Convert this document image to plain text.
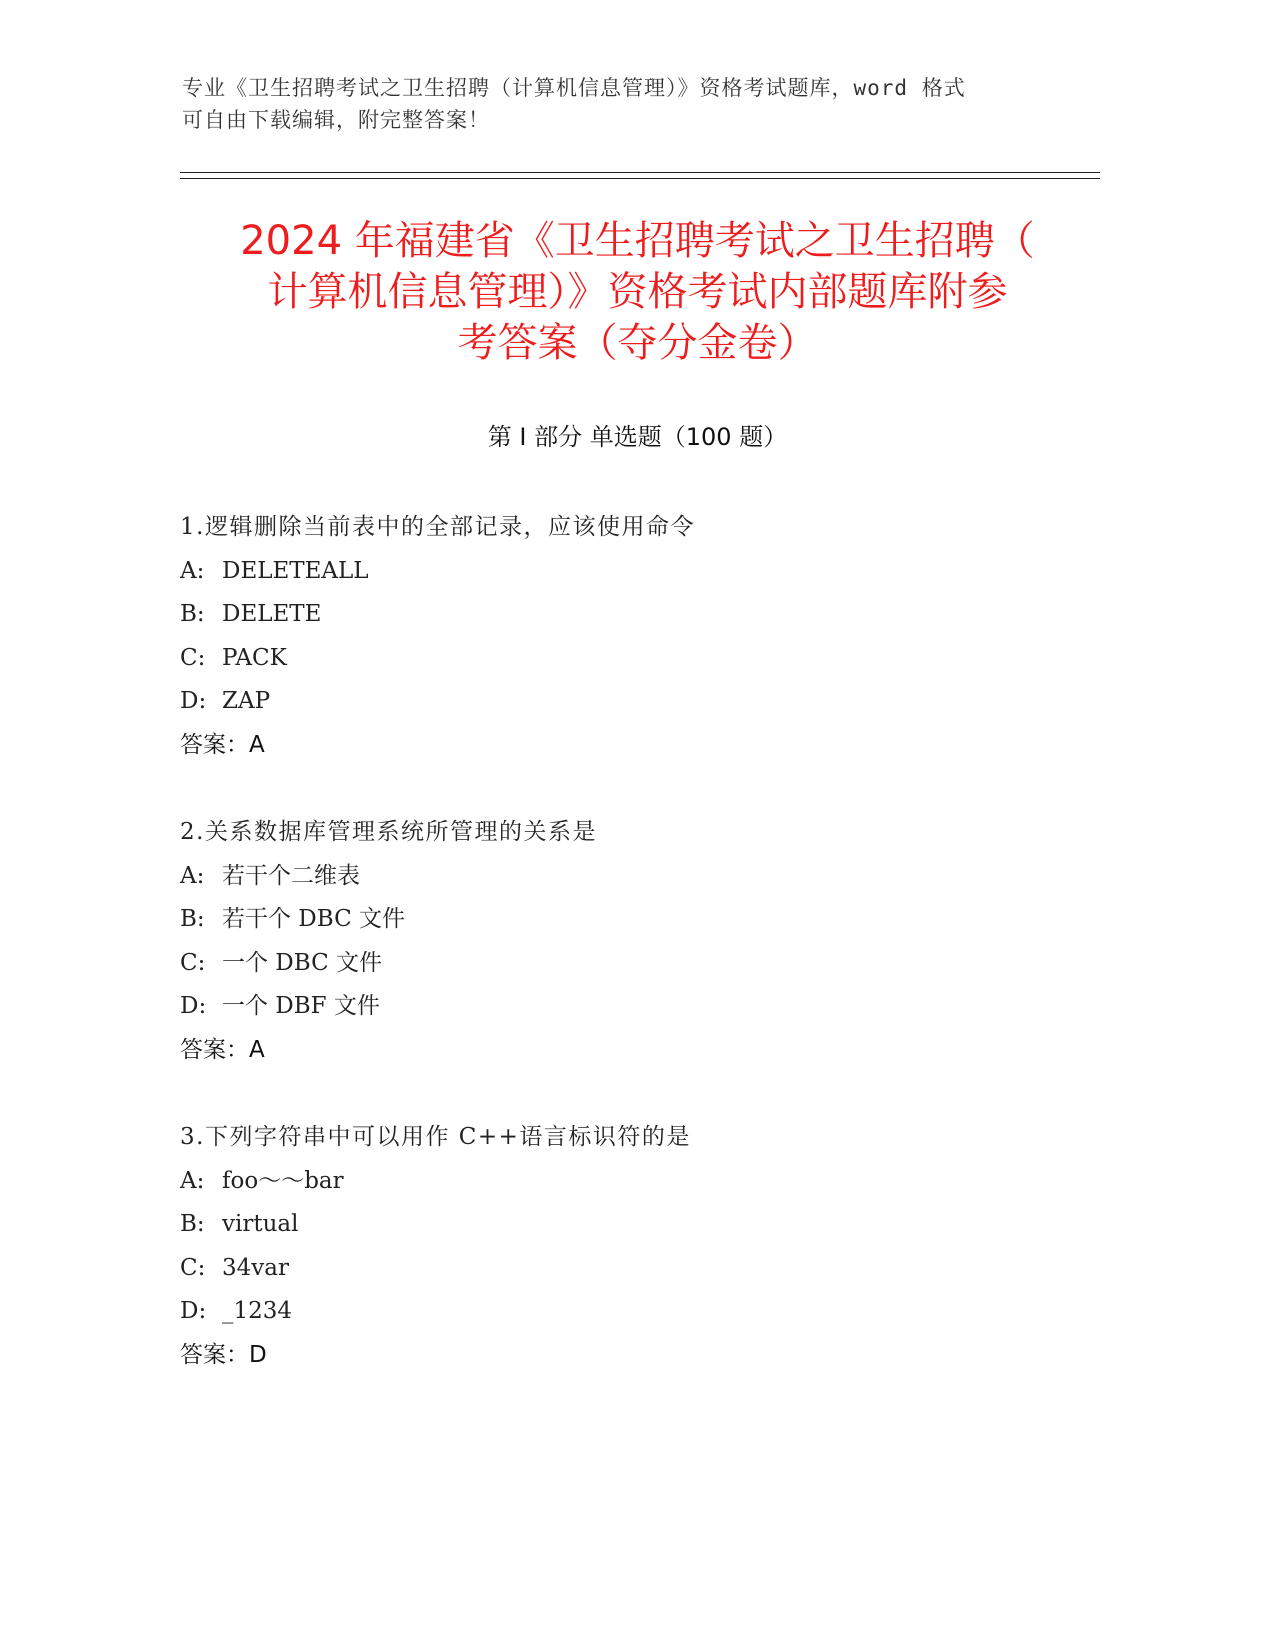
专业《卫生招聘考试之卫生招聘（计算机信息管理）》资格考试题库，word 格式
可自由下载编辑，附完整答案！
2024 年福建省《卫生招聘考试之卫生招聘（
计算机信息管理）》资格考试内部题库附参
考答案（夺分金卷）
第 I 部分 单选题（100 题）
1.逻辑删除当前表中的全部记录，应该使用命令
A: DELETEALL
B: DELETE
C: PACK
D: ZAP
答案：A
2.关系数据库管理系统所管理的关系是
A: 若干个二维表
B: 若干个 DBC 文件
C: 一个 DBC 文件
D: 一个 DBF 文件
答案：A
3.下列字符串中可以用作 C++语言标识符的是
A: foo～～bar
B: virtual
C: 34var
D: _1234
答案：D
